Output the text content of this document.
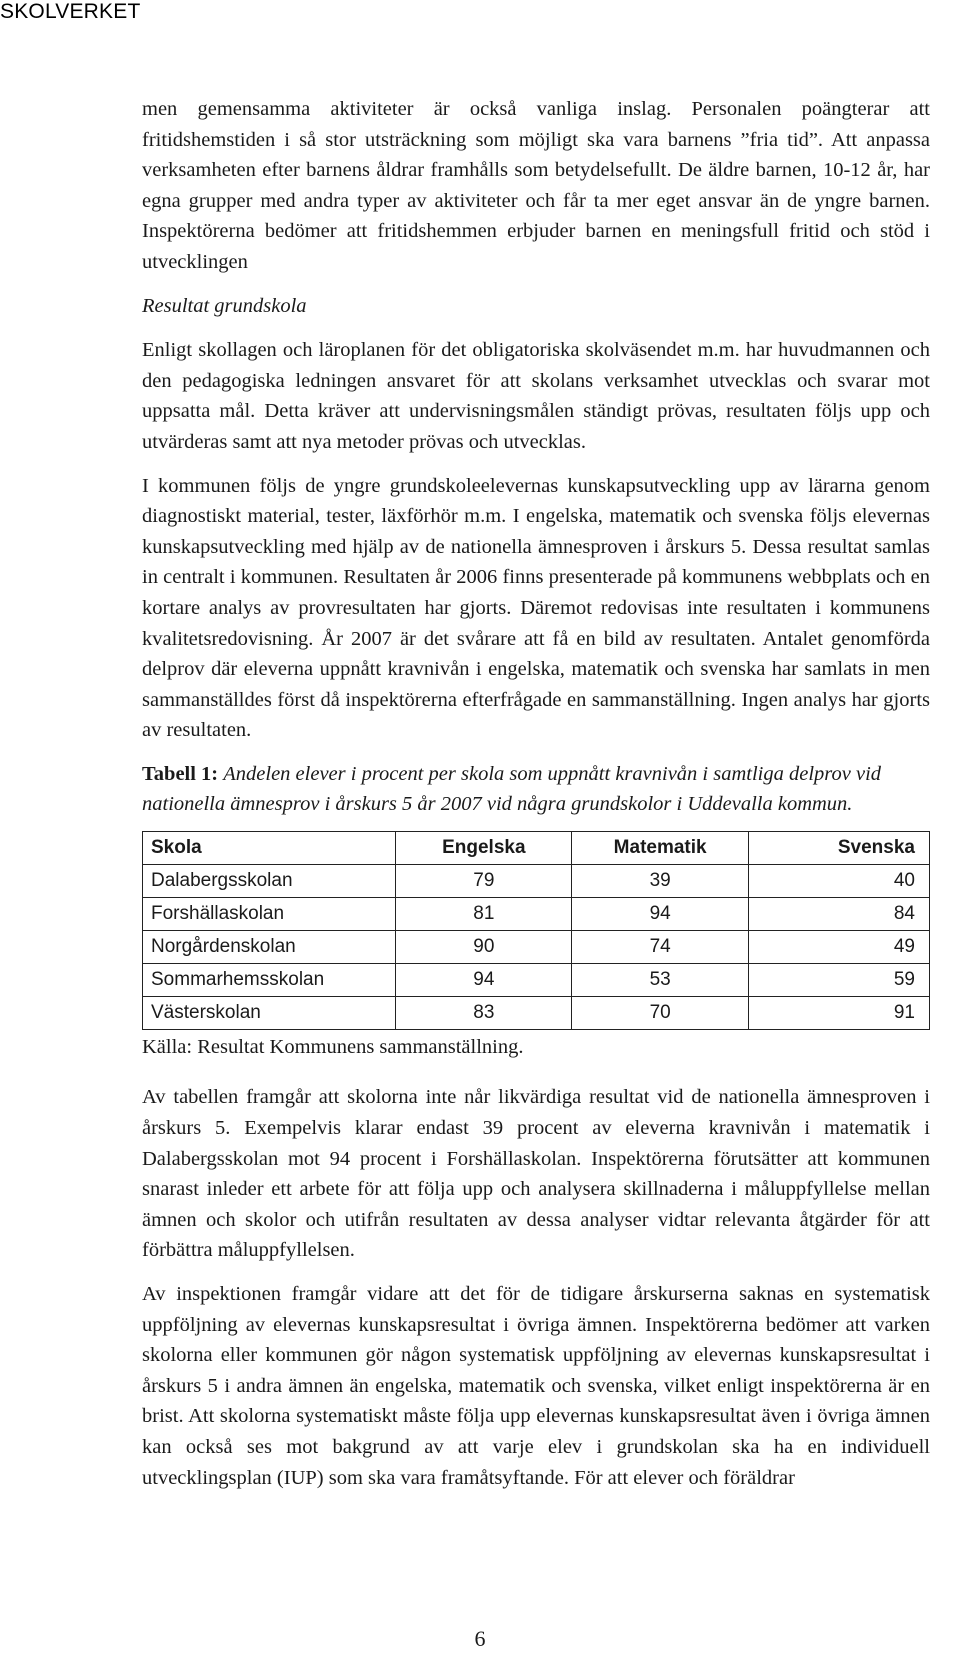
SKOLVERKET

men gemensamma aktiviteter är också vanliga inslag. Personalen poängterar att fritidshemstiden i så stor utsträckning som möjligt ska vara barnens ”fria tid”. Att anpassa verksamheten efter barnens åldrar framhålls som betydelsefullt. De äldre barnen, 10-12 år, har egna grupper med andra typer av aktiviteter och får ta mer eget ansvar än de yngre barnen. Inspektörerna bedömer att fritidshemmen erbjuder barnen en meningsfull fritid och stöd i utvecklingen

Resultat grundskola

Enligt skollagen och läroplanen för det obligatoriska skolväsendet m.m. har huvudmannen och den pedagogiska ledningen ansvaret för att skolans verksamhet utvecklas och svarar mot uppsatta mål. Detta kräver att undervisningsmålen ständigt prövas, resultaten följs upp och utvärderas samt att nya metoder prövas och utvecklas.

I kommunen följs de yngre grundskoleelevernas kunskapsutveckling upp av lärarna genom diagnostiskt material, tester, läxförhör m.m. I engelska, matematik och svenska följs elevernas kunskapsutveckling med hjälp av de nationella ämnesproven i årskurs 5. Dessa resultat samlas in centralt i kommunen. Resultaten år 2006 finns presenterade på kommunens webbplats och en kortare analys av provresultaten har gjorts. Däremot redovisas inte resultaten i kommunens kvalitetsredovisning. År 2007 är det svårare att få en bild av resultaten. Antalet genomförda delprov där eleverna uppnått kravnivån i engelska, matematik och svenska har samlats in men sammanställdes först då inspektörerna efterfrågade en sammanställning. Ingen analys har gjorts av resultaten.

Tabell 1: Andelen elever i procent per skola som uppnått kravnivån i samtliga delprov vid nationella ämnesprov i årskurs 5 år 2007 vid några grundskolor i Uddevalla kommun.
Skola	Engelska	Matematik	Svenska
Dalabergsskolan	79	39	40
Forshällaskolan	81	94	84
Norgårdenskolan	90	74	49
Sommarhemsskolan	94	53	59
Västerskolan	83	70	91
Källa: Resultat Kommunens sammanställning.

Av tabellen framgår att skolorna inte når likvärdiga resultat vid de nationella ämnesproven i årskurs 5. Exempelvis klarar endast 39 procent av eleverna kravnivån i matematik i Dalabergsskolan mot 94 procent i Forshällaskolan. Inspektörerna förutsätter att kommunen snarast inleder ett arbete för att följa upp och analysera skillnaderna i måluppfyllelse mellan ämnen och skolor och utifrån resultaten av dessa analyser vidtar relevanta åtgärder för att förbättra måluppfyllelsen.

Av inspektionen framgår vidare att det för de tidigare årskurserna saknas en systematisk uppföljning av elevernas kunskapsresultat i övriga ämnen. Inspektörerna bedömer att varken skolorna eller kommunen gör någon systematisk uppföljning av elevernas kunskapsresultat i årskurs 5 i andra ämnen än engelska, matematik och svenska, vilket enligt inspektörerna är en brist. Att skolorna systematiskt måste följa upp elevernas kunskapsresultat även i övriga ämnen kan också ses mot bakgrund av att varje elev i grundskolan ska ha en individuell utvecklingsplan (IUP) som ska vara framåtsyftande. För att elever och föräldrar

6
